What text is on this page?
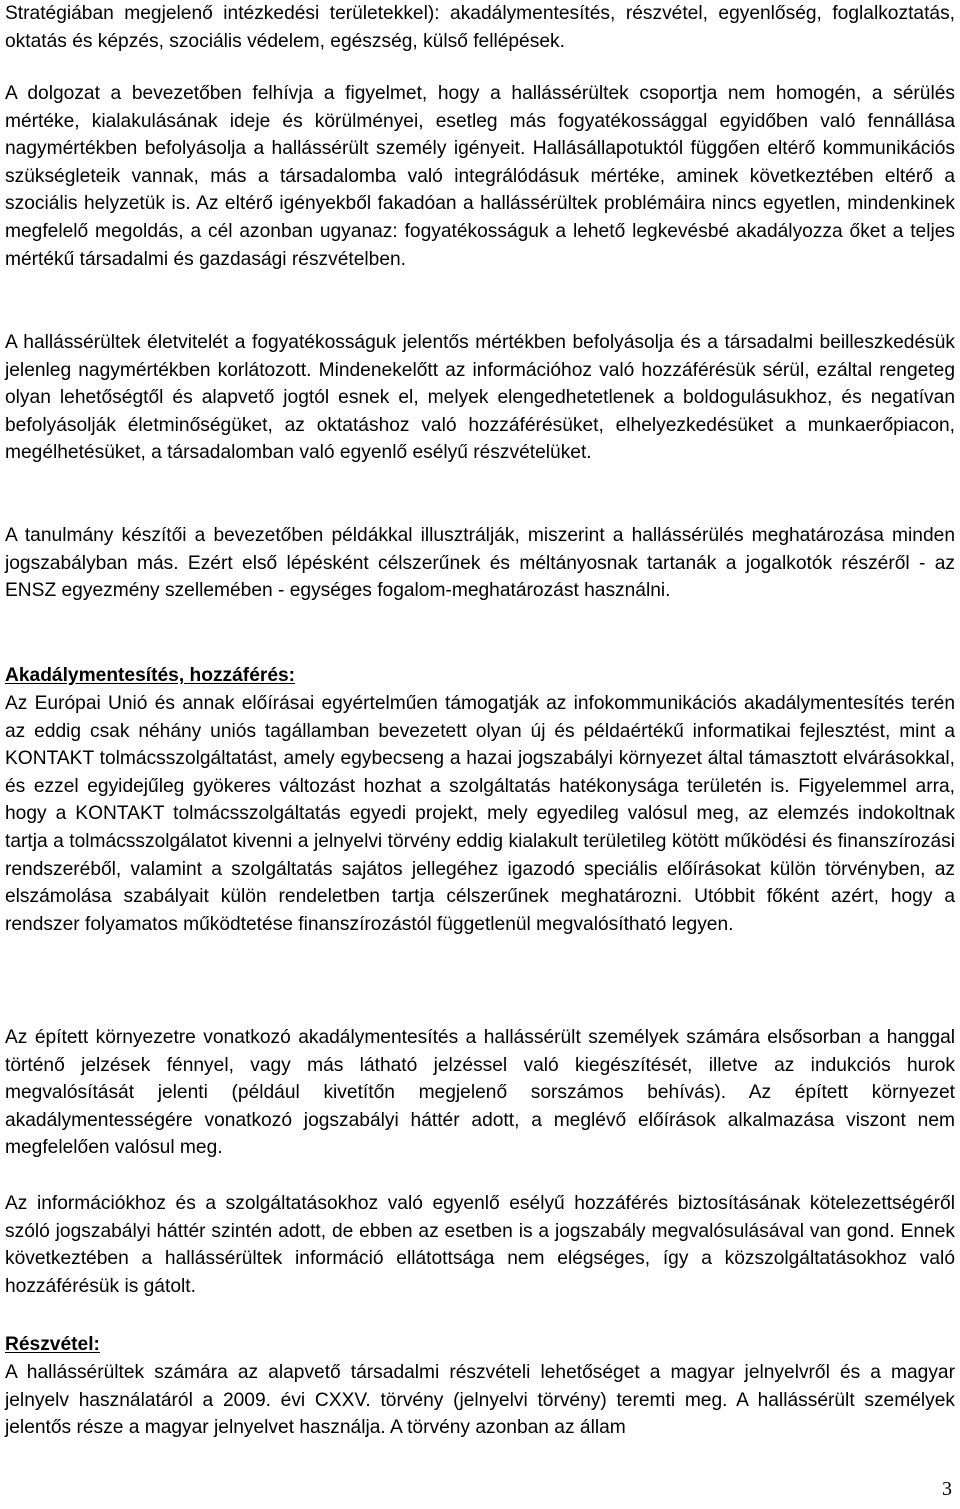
Stratégiában megjelenő intézkedési területekkel): akadálymentesítés, részvétel, egyenlőség, foglalkoztatás, oktatás és képzés, szociális védelem, egészség, külső fellépések.

A dolgozat a bevezetőben felhívja a figyelmet, hogy a hallássérültek csoportja nem homogén, a sérülés mértéke, kialakulásának ideje és körülményei, esetleg más fogyatékossággal egyidőben való fennállása nagymértékben befolyásolja a hallássérült személy igényeit. Hallásállapotuktól függően eltérő kommunikációs szükségleteik vannak, más a társadalomba való integrálódásuk mértéke, aminek következtében eltérő a szociális helyzetük is. Az eltérő igényekből fakadóan a hallássérültek problémáira nincs egyetlen, mindenkinek megfelelő megoldás, a cél azonban ugyanaz: fogyatékosságuk a lehető legkevésbé akadályozza őket a teljes mértékű társadalmi és gazdasági részvételben.

A hallássérültek életvitelét a fogyatékosságuk jelentős mértékben befolyásolja és a társadalmi beilleszkedésük jelenleg nagymértékben korlátozott. Mindenekelőtt az információhoz való hozzáférésük sérül, ezáltal rengeteg olyan lehetőségtől és alapvető jogtól esnek el, melyek elengedhetetlenek a boldogulásukhoz, és negatívan befolyásolják életminőségüket, az oktatáshoz való hozzáférésüket, elhelyezkedésüket a munkaerőpiacon, megélhetésüket, a társadalomban való egyenlő esélyű részvételüket.

A tanulmány készítői a bevezetőben példákkal illusztrálják, miszerint a hallássérülés meghatározása minden jogszabályban más. Ezért első lépésként célszerűnek és méltányosnak tartanák a jogalkotók részéről - az ENSZ egyezmény szellemében - egységes fogalom-meghatározást használni.

Akadálymentesítés, hozzáférés:

Az Európai Unió és annak előírásai egyértelműen támogatják az infokommunikációs akadálymentesítés terén az eddig csak néhány uniós tagállamban bevezetett olyan új és példaértékű informatikai fejlesztést, mint a KONTAKT tolmácsszolgáltatást, amely egybecseng a hazai jogszabályi környezet által támasztott elvárásokkal, és ezzel egyidejűleg gyökeres változást hozhat a szolgáltatás hatékonysága területén is. Figyelemmel arra, hogy a KONTAKT tolmácsszolgáltatás egyedi projekt, mely egyedileg valósul meg, az elemzés indokoltnak tartja a tolmácsszolgálatot kivenni a jelnyelvi törvény eddig kialakult területileg kötött működési és finanszírozási rendszeréből, valamint a szolgáltatás sajátos jellegéhez igazodó speciális előírásokat külön törvényben, az elszámolása szabályait külön rendeletben tartja célszerűnek meghatározni. Utóbbit főként azért, hogy a rendszer folyamatos működtetése finanszírozástól függetlenül megvalósítható legyen.

Az épített környezetre vonatkozó akadálymentesítés a hallássérült személyek számára elsősorban a hanggal történő jelzések fénnyel, vagy más látható jelzéssel való kiegészítését, illetve az indukciós hurok megvalósítását jelenti (például kivetítőn megjelenő sorszámos behívás). Az épített környezet akadálymentességére vonatkozó jogszabályi háttér adott, a meglévő előírások alkalmazása viszont nem megfelelően valósul meg.

Az információkhoz és a szolgáltatásokhoz való egyenlő esélyű hozzáférés biztosításának kötelezettségéről szóló jogszabályi háttér szintén adott, de ebben az esetben is a jogszabály megvalósulásával van gond. Ennek következtében a hallássérültek információ ellátottsága nem elégséges, így a közszolgáltatásokhoz való hozzáférésük is gátolt.

Részvétel:

A hallássérültek számára az alapvető társadalmi részvételi lehetőséget a magyar jelnyelvről és a magyar jelnyelv használatáról a 2009. évi CXXV. törvény (jelnyelvi törvény) teremti meg. A hallássérült személyek jelentős része a magyar jelnyelvet használja. A törvény azonban az állam

3
